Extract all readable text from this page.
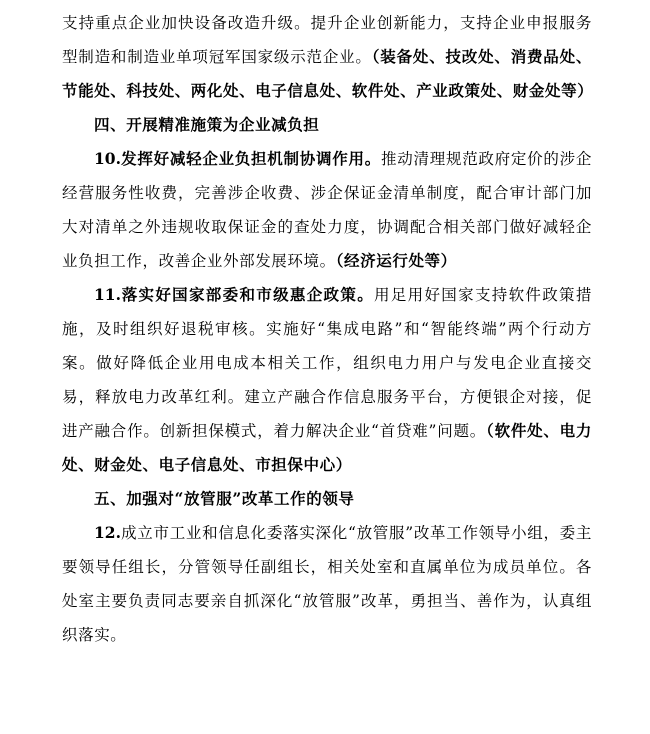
支持重点企业加快设备改造升级。提升企业创新能力，支持企业申报服务型制造和制造业单项冠军国家级示范企业。（装备处、技改处、消费品处、节能处、科技处、两化处、电子信息处、软件处、产业政策处、财金处等）

四、开展精准施策为企业减负担

10.发挥好减轻企业负担机制协调作用。推动清理规范政府定价的涉企经营服务性收费，完善涉企收费、涉企保证金清单制度，配合审计部门加大对清单之外违规收取保证金的查处力度，协调配合相关部门做好减轻企业负担工作，改善企业外部发展环境。（经济运行处等）

11.落实好国家部委和市级惠企政策。用足用好国家支持软件政策措施，及时组织好退税审核。实施好“集成电路”和“智能终端”两个行动方案。做好降低企业用电成本相关工作，组织电力用户与发电企业直接交易，释放电力改革红利。建立产融合作信息服务平台，方便银企对接，促进产融合作。创新担保模式，着力解决企业“首贷难”问题。（软件处、电力处、财金处、电子信息处、市担保中心）

五、加强对“放管服”改革工作的领导

12.成立市工业和信息化委落实深化“放管服”改革工作领导小组，委主要领导任组长，分管领导任副组长，相关处室和直属单位为成员单位。各处室主要负责同志要亲自抓深化“放管服”改革，勇担当、善作为，认真组织落实。
